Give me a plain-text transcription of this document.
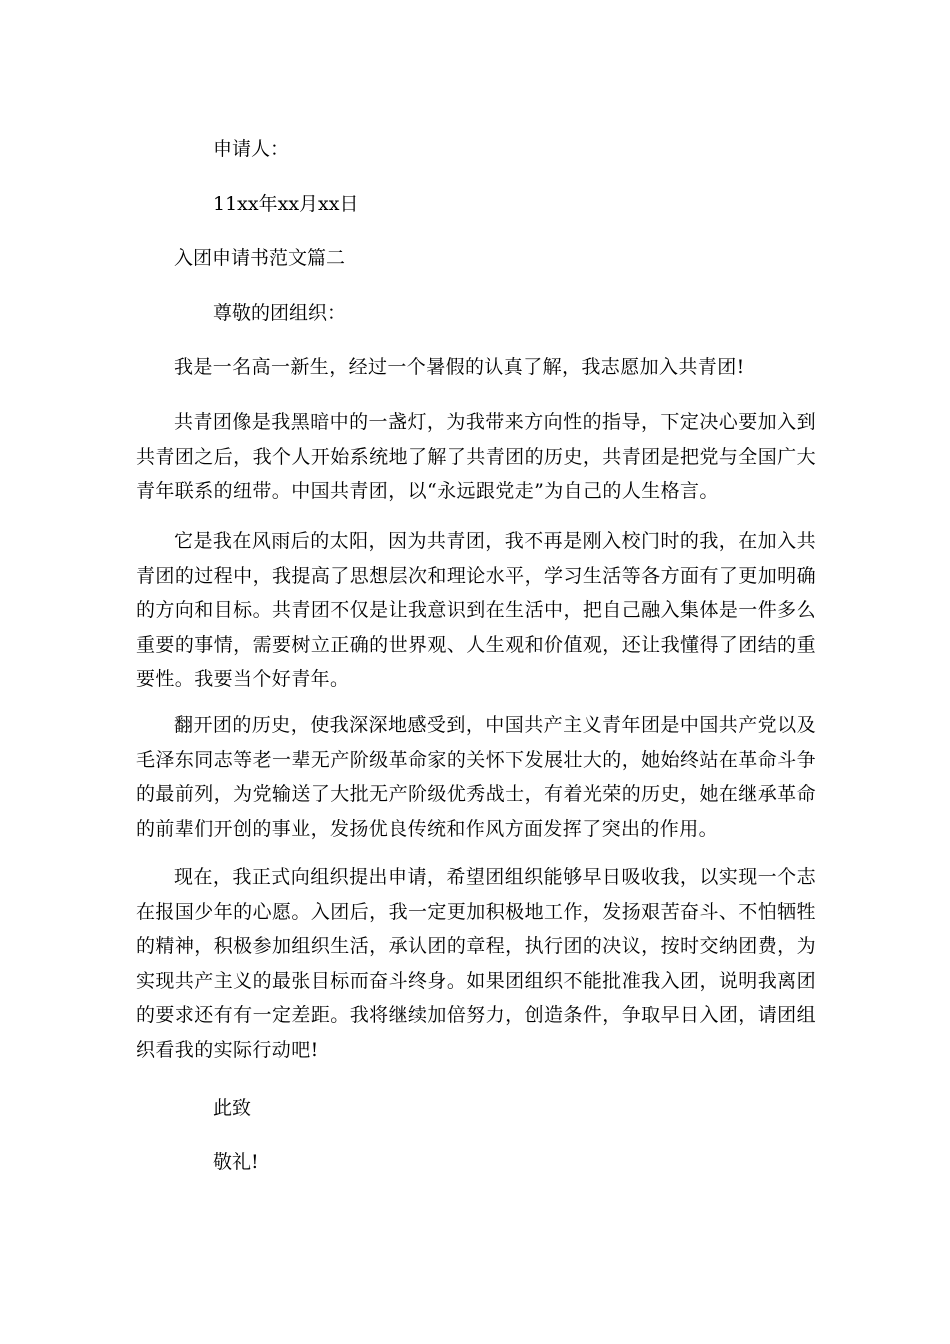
申请人：

11xx年xx月xx日

入团申请书范文篇二

尊敬的团组织：

我是一名高一新生，经过一个暑假的认真了解，我志愿加入共青团!

共青团像是我黑暗中的一盏灯，为我带来方向性的指导，下定决心要加入到共青团之后，我个人开始系统地了解了共青团的历史，共青团是把党与全国广大青年联系的纽带。中国共青团，以“永远跟党走”为自己的人生格言。

它是我在风雨后的太阳，因为共青团，我不再是刚入校门时的我，在加入共青团的过程中，我提高了思想层次和理论水平，学习生活等各方面有了更加明确的方向和目标。共青团不仅是让我意识到在生活中，把自己融入集体是一件多么重要的事情，需要树立正确的世界观、人生观和价值观，还让我懂得了团结的重要性。我要当个好青年。

翻开团的历史，使我深深地感受到，中国共产主义青年团是中国共产党以及毛泽东同志等老一辈无产阶级革命家的关怀下发展壮大的，她始终站在革命斗争的最前列，为党输送了大批无产阶级优秀战士，有着光荣的历史，她在继承革命的前辈们开创的事业，发扬优良传统和作风方面发挥了突出的作用。

现在，我正式向组织提出申请，希望团组织能够早日吸收我，以实现一个志在报国少年的心愿。入团后，我一定更加积极地工作，发扬艰苦奋斗、不怕牺牲的精神，积极参加组织生活，承认团的章程，执行团的决议，按时交纳团费，为实现共产主义的最张目标而奋斗终身。如果团组织不能批准我入团，说明我离团的要求还有有一定差距。我将继续加倍努力，创造条件，争取早日入团，请团组织看我的实际行动吧!

此致

敬礼!
